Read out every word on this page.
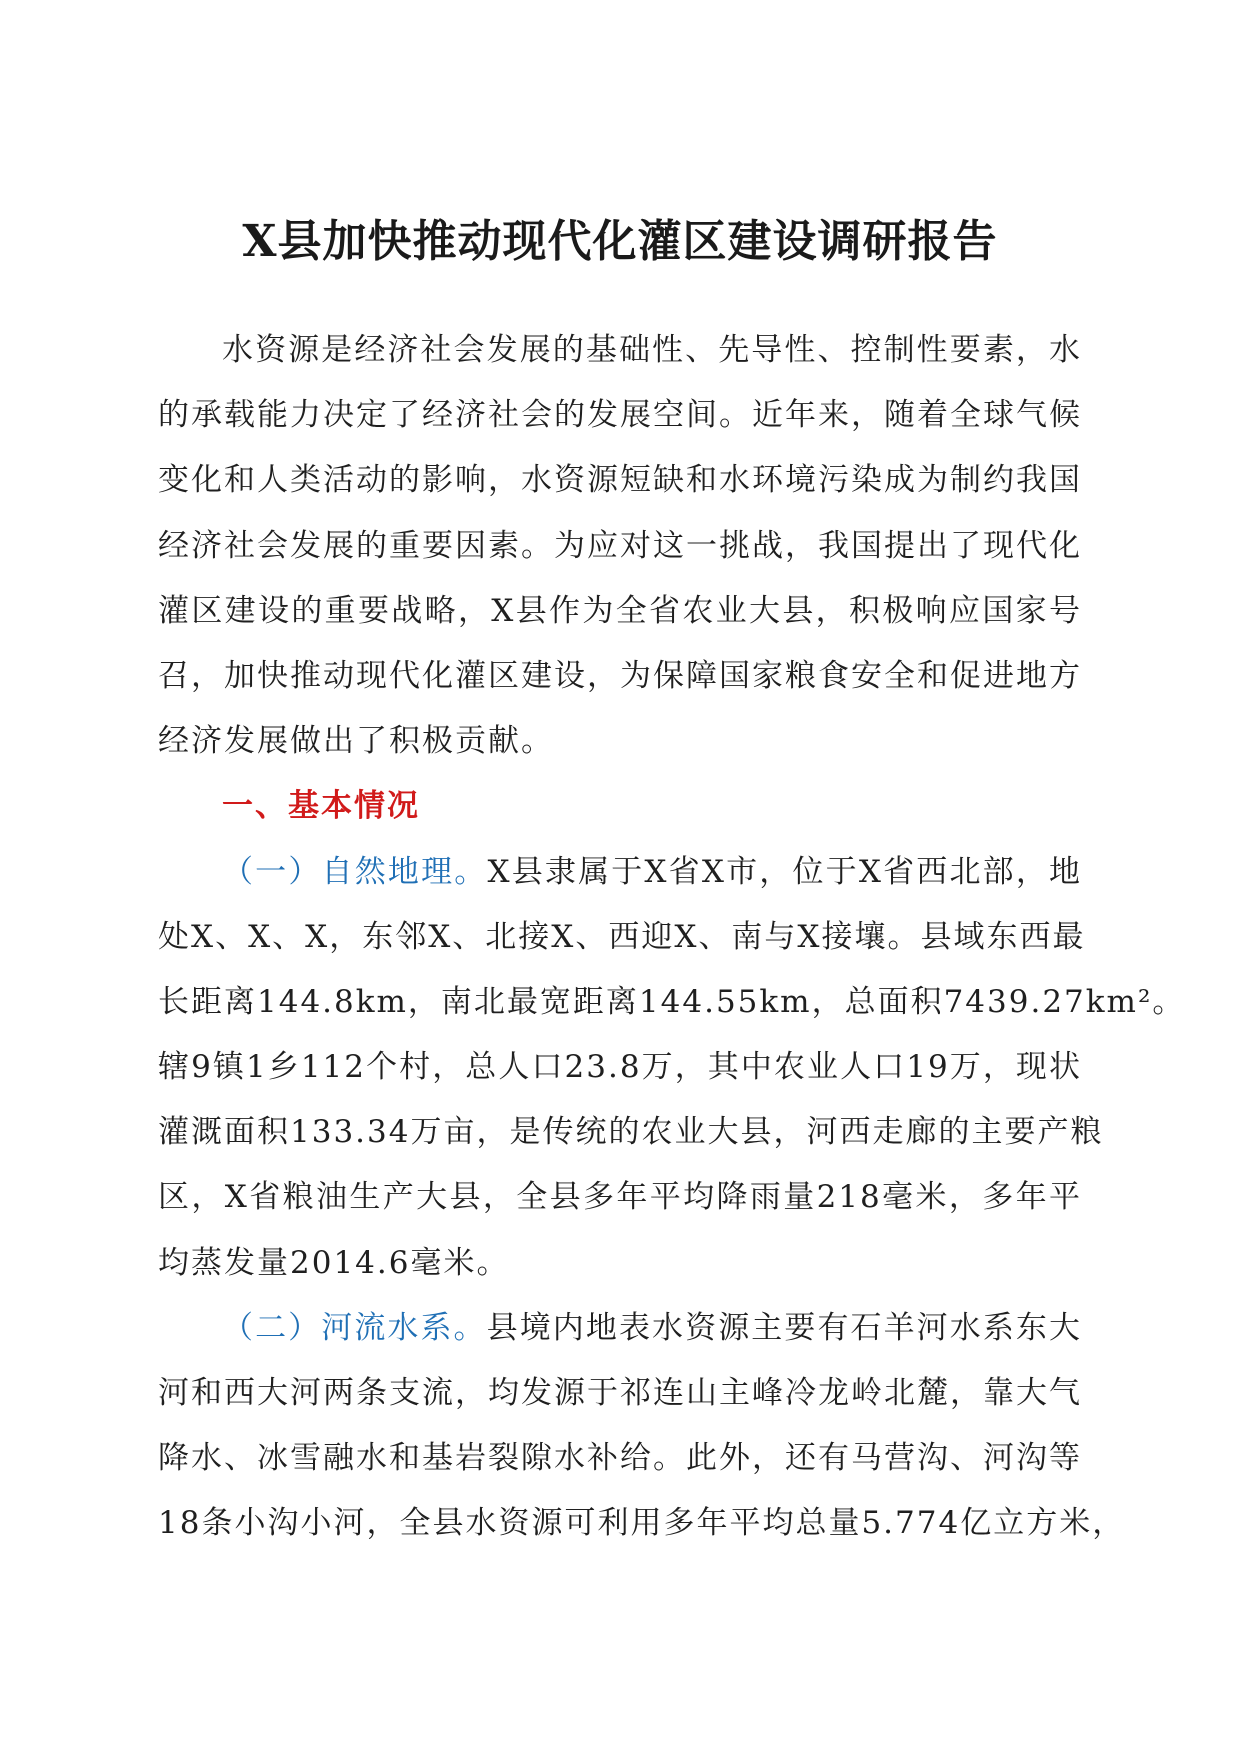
X县加快推动现代化灌区建设调研报告

水资源是经济社会发展的基础性、先导性、控制性要素，水
的承载能力决定了经济社会的发展空间。近年来，随着全球气候
变化和人类活动的影响，水资源短缺和水环境污染成为制约我国
经济社会发展的重要因素。为应对这一挑战，我国提出了现代化
灌区建设的重要战略，X县作为全省农业大县，积极响应国家号
召，加快推动现代化灌区建设，为保障国家粮食安全和促进地方
经济发展做出了积极贡献。

一、基本情况

（一）自然地理。X县隶属于X省X市，位于X省西北部，地
处X、X、X，东邻X、北接X、西迎X、南与X接壤。县域东西最
长距离144.8km，南北最宽距离144.55km，总面积7439.27km²。
辖9镇1乡112个村，总人口23.8万，其中农业人口19万，现状
灌溉面积133.34万亩，是传统的农业大县，河西走廊的主要产粮
区，X省粮油生产大县，全县多年平均降雨量218毫米，多年平
均蒸发量2014.6毫米。

（二）河流水系。县境内地表水资源主要有石羊河水系东大
河和西大河两条支流，均发源于祁连山主峰冷龙岭北麓，靠大气
降水、冰雪融水和基岩裂隙水补给。此外，还有马营沟、河沟等
18条小沟小河，全县水资源可利用多年平均总量5.774亿立方米，
